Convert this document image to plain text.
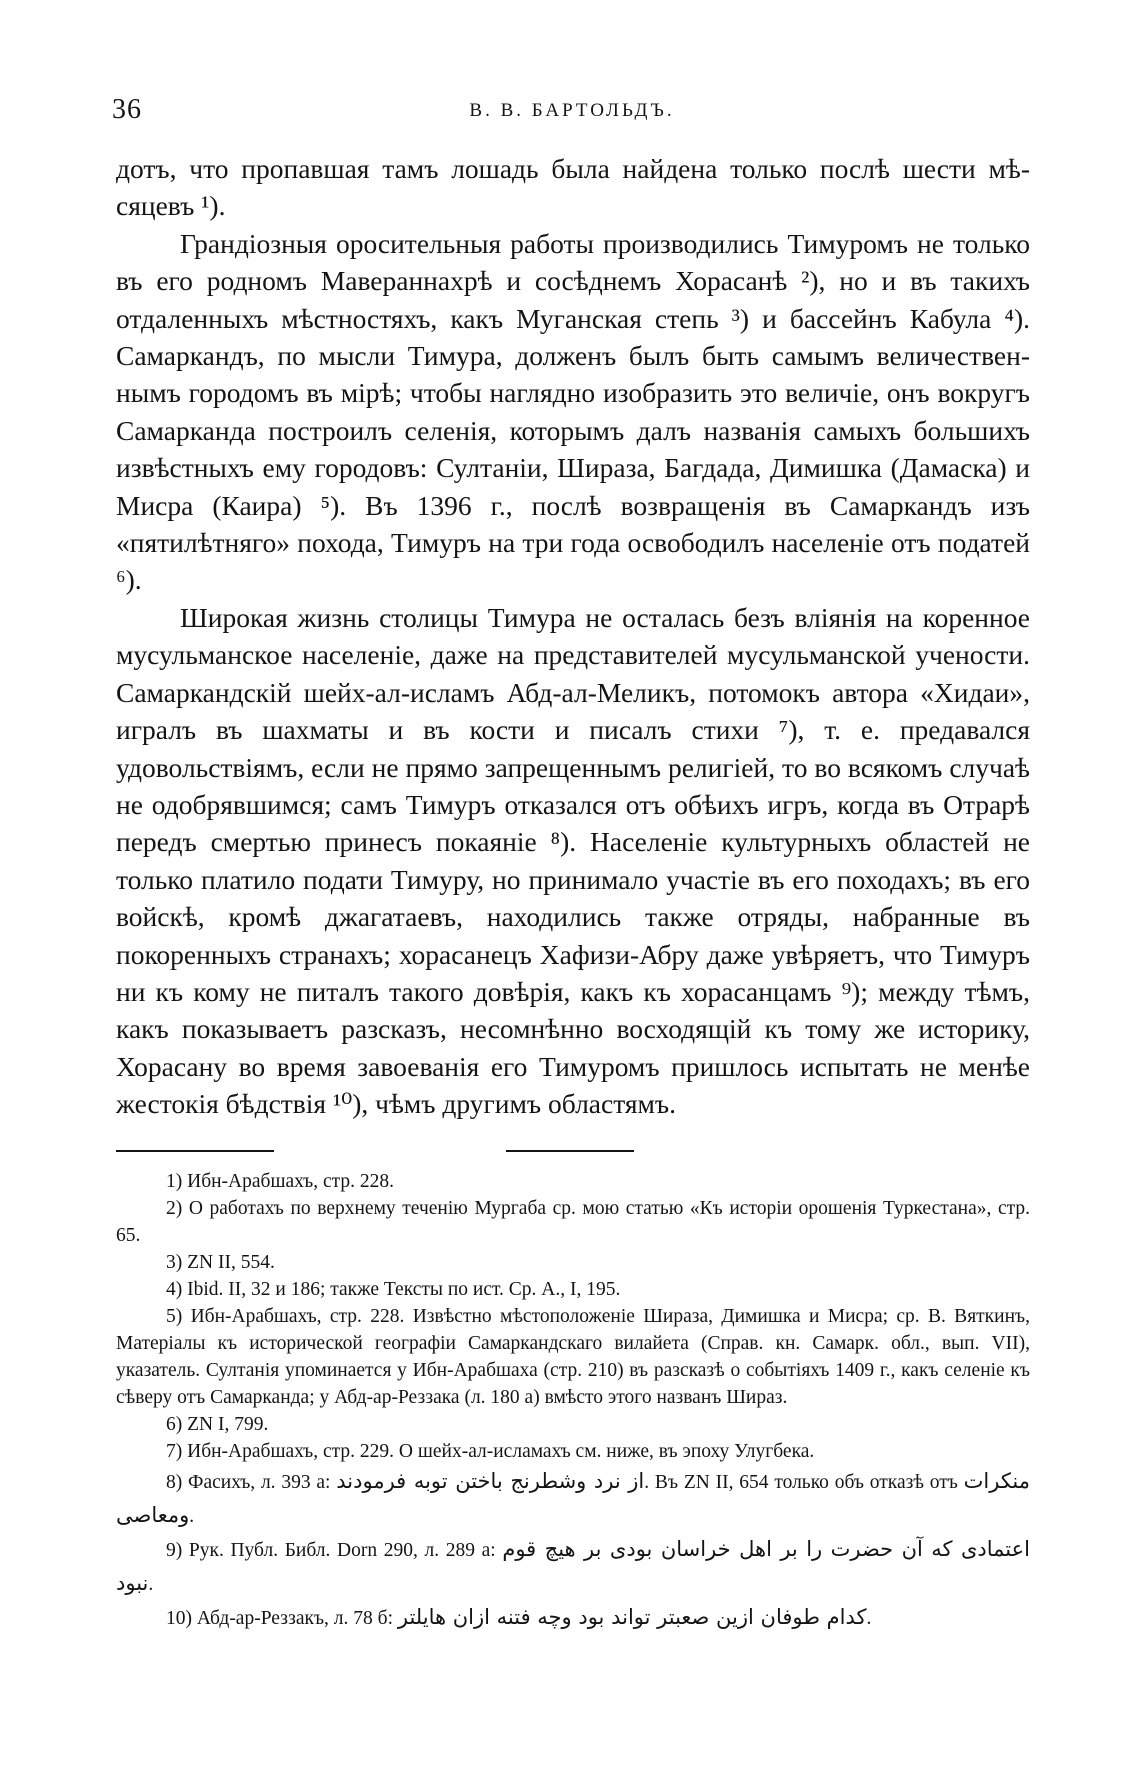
36	В. В. БАРТОЛЬДЪ.

дотъ, что пропавшая тамъ лошадь была найдена только послѣ шести мѣсяцевъ ¹).

Грандіозныя оросительныя работы производились Тимуромъ не только въ его родномъ Мавераннахрѣ и сосѣднемъ Хорасанѣ ²), но и въ такихъ отдаленныхъ мѣстностяхъ, какъ Муганская степь ³) и бассейнъ Кабула ⁴). Самаркандъ, по мысли Тимура, долженъ былъ быть самымъ величественнымъ городомъ въ мірѣ; чтобы наглядно изобразить это величіе, онъ вокругъ Самарканда построилъ селенія, которымъ далъ названія самыхъ большихъ извѣстныхъ ему городовъ: Султаніи, Шираза, Багдада, Димишка (Дамаска) и Мисра (Каира) ⁵). Въ 1396 г., послѣ возвращенія въ Самаркандъ изъ «пятилѣтняго» похода, Тимуръ на три года освободилъ населеніе отъ податей ⁶).

Широкая жизнь столицы Тимура не осталась безъ вліянія на коренное мусульманское населеніе, даже на представителей мусульманской учености. Самаркандскій шейх-ал-исламъ Абд-ал-Меликъ, потомокъ автора «Хидаи», игралъ въ шахматы и въ кости и писалъ стихи ⁷), т. е. предавался удовольствіямъ, если не прямо запрещеннымъ религіей, то во всякомъ случаѣ не одобрявшимся; самъ Тимуръ отказался отъ обѣихъ игръ, когда въ Отрарѣ передъ смертью принесъ покаяніе ⁸). Населеніе культурныхъ областей не только платило подати Тимуру, но принимало участіе въ его походахъ; въ его войскѣ, кромѣ джагатаевъ, находились также отряды, набранные въ покоренныхъ странахъ; хорасанецъ Хафизи-Абру даже увѣряетъ, что Тимуръ ни къ кому не питалъ такого довѣрія, какъ къ хорасанцамъ ⁹); между тѣмъ, какъ показываетъ разсказъ, несомнѣнно восходящій къ тому же историку, Хорасану во время завоеванія его Тимуромъ пришлось испытать не менѣе жестокія бѣдствія ¹⁰), чѣмъ другимъ областямъ.

1) Ибн-Арабшахъ, стр. 228.

2) О работахъ по верхнему теченію Мургаба ср. мою статью «Къ исторіи орошенія Туркестана», стр. 65.

3) ZN II, 554.

4) Ibid. II, 32 и 186; также Тексты по ист. Ср. А., I, 195.

5) Ибн-Арабшахъ, стр. 228. Извѣстно мѣстоположеніе Шираза, Димишка и Мисра; ср. В. Вяткинъ, Матеріалы къ исторической географіи Самаркандскаго вилайета (Справ. кн. Самарк. обл., вып. VII), указатель. Султанія упоминается у Ибн-Арабшаха (стр. 210) въ разсказѣ о событіяхъ 1409 г., какъ селеніе къ сѣверу отъ Самарканда; у Абд-ар-Реззака (л. 180 а) вмѣсто этого названъ Шираз.

6) ZN I, 799.

7) Ибн-Арабшахъ, стр. 229. О шейх-ал-исламахъ см. ниже, въ эпоху Улугбека.

8) Фасихъ, л. 393 а: از نرد وشطرنج باختن توبه فرمودند. Въ ZN II, 654 только объ отказѣ отъ منكرات ومعاصى.

9) Рук. Публ. Библ. Dorn 290, л. 289 а: اعتمادى كه آن حضرت را بر اهل خراسان بودى بر هيچ قوم نبود.

10) Абд-ар-Реззакъ, л. 78 б: كدام طوفان ازين صعبتر تواند بود وچه فتنه ازان هايلتر.
